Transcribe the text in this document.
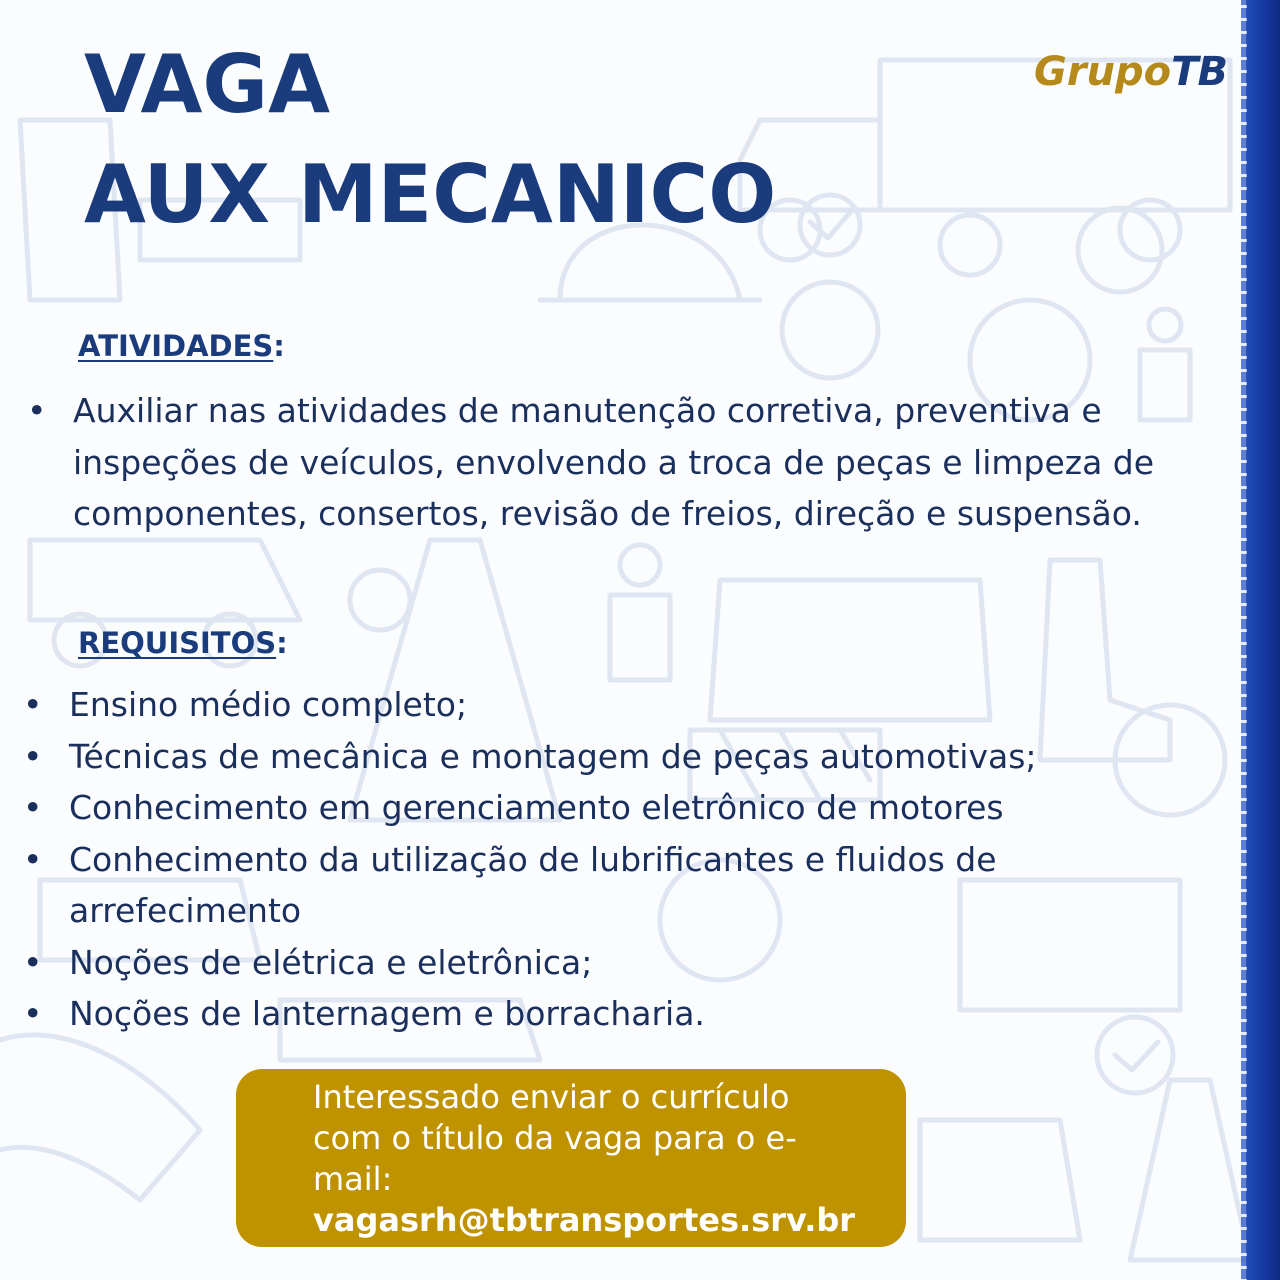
VAGA
AUX MECANICO
GrupoTB
ATIVIDADES:
• Auxiliar nas atividades de manutenção corretiva, preventiva e inspeções de veículos, envolvendo a troca de peças e limpeza de componentes, consertos, revisão de freios, direção e suspensão.
REQUISITOS:
• Ensino médio completo;
• Técnicas de mecânica e montagem de peças automotivas;
• Conhecimento em gerenciamento eletrônico de motores
• Conhecimento da utilização de lubrificantes e fluidos de arrefecimento
• Noções de elétrica e eletrônica;
• Noções de lanternagem e borracharia.
Interessado enviar o currículo com o título da vaga para o e-mail:
vagasrh@tbtransportes.srv.br
